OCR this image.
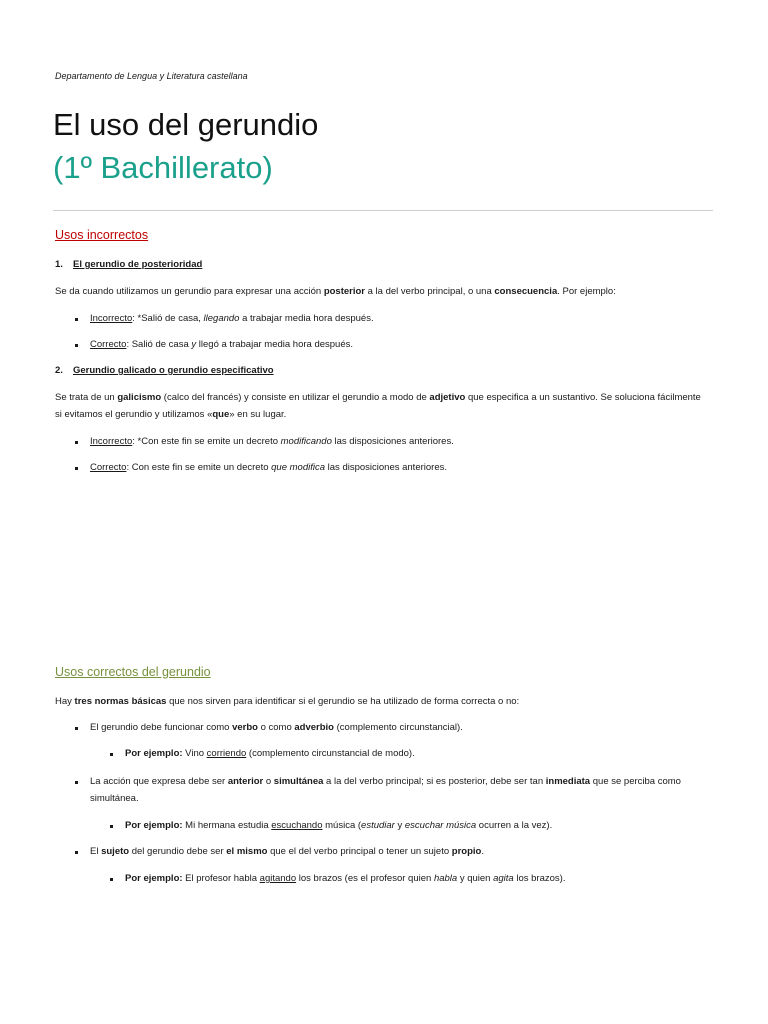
Departamento de Lengua y Literatura castellana
El uso del gerundio
(1º Bachillerato)
Usos incorrectos
1. El gerundio de posterioridad
Se da cuando utilizamos un gerundio para expresar una acción posterior a la del verbo principal, o una consecuencia. Por ejemplo:
Incorrecto: *Salió de casa, llegando a trabajar media hora después.
Correcto: Salió de casa y llegó a trabajar media hora después.
2. Gerundio galicado o gerundio especificativo
Se trata de un galicismo (calco del francés) y consiste en utilizar el gerundio a modo de adjetivo que especifica a un sustantivo. Se soluciona fácilmente
si evitamos el gerundio y utilizamos «que» en su lugar.
Incorrecto: *Con este fin se emite un decreto modificando las disposiciones anteriores.
Correcto: Con este fin se emite un decreto que modifica las disposiciones anteriores.
Usos correctos del gerundio
Hay tres normas básicas que nos sirven para identificar si el gerundio se ha utilizado de forma correcta o no:
El gerundio debe funcionar como verbo o como adverbio (complemento circunstancial).
Por ejemplo: Vino corriendo (complemento circunstancial de modo).
La acción que expresa debe ser anterior o simultánea a la del verbo principal; si es posterior, debe ser tan inmediata que se perciba como
simultánea.
Por ejemplo: Mi hermana estudia escuchando música (estudiar y escuchar música ocurren a la vez).
El sujeto del gerundio debe ser el mismo que el del verbo principal o tener un sujeto propio.
Por ejemplo: El profesor habla agitando los brazos (es el profesor quien habla y quien agita los brazos).
